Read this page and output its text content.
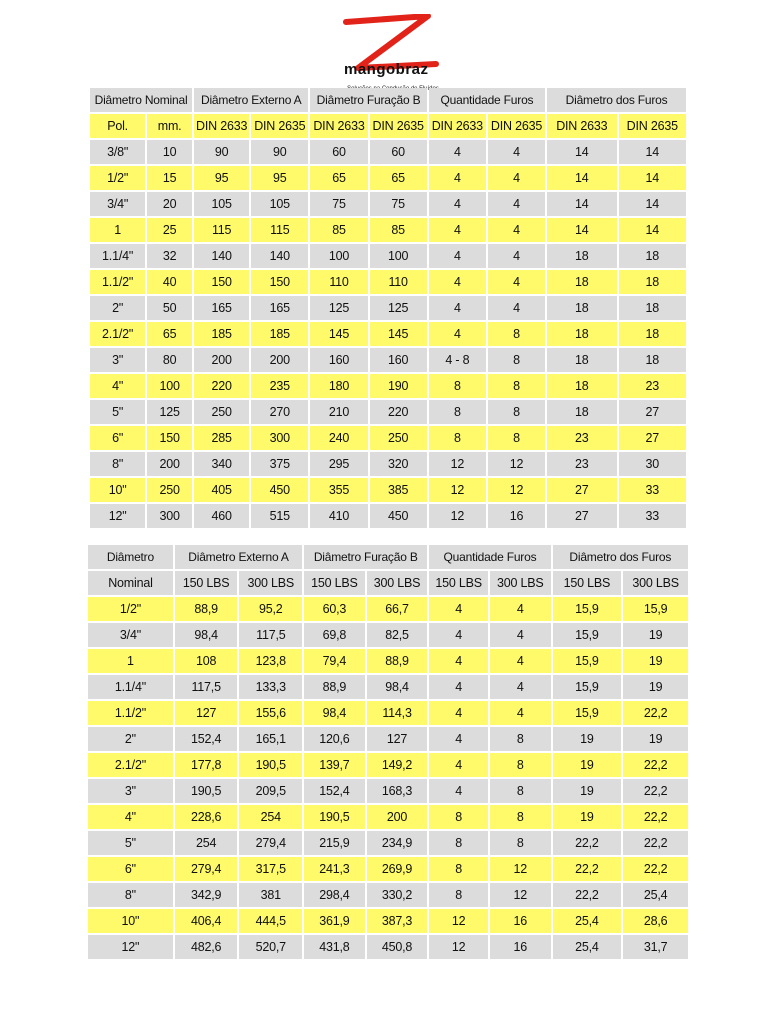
mangobraz
Diâmetro Nominal		Diâmetro Externo A		Diâmetro Furação B		Quantidade Furos		Diâmetro dos Furos	
Pol.	mm.	DIN 2633	DIN 2635	DIN 2633	DIN 2635	DIN 2633	DIN 2635	DIN 2633	DIN 2635
3/8"	10	90	90	60	60	4	4	14	14
1/2"	15	95	95	65	65	4	4	14	14
3/4"	20	105	105	75	75	4	4	14	14
1	25	115	115	85	85	4	4	14	14
1.1/4"	32	140	140	100	100	4	4	18	18
1.1/2"	40	150	150	110	110	4	4	18	18
2"	50	165	165	125	125	4	4	18	18
2.1/2"	65	185	185	145	145	4	8	18	18
3"	80	200	200	160	160	4 - 8	8	18	18
4"	100	220	235	180	190	8	8	18	23
5"	125	250	270	210	220	8	8	18	27
6"	150	285	300	240	250	8	8	23	27
8"	200	340	375	295	320	12	12	23	30
10"	250	405	450	355	385	12	12	27	33
12"	300	460	515	410	450	12	16	27	33
Diâmetro	Diâmetro Externo A		Diâmetro Furação B		Quantidade Furos		Diâmetro dos Furos	
Nominal	150 LBS	300 LBS	150 LBS	300 LBS	150 LBS	300 LBS	150 LBS	300 LBS
1/2"	88,9	95,2	60,3	66,7	4	4	15,9	15,9
3/4"	98,4	117,5	69,8	82,5	4	4	15,9	19
1	108	123,8	79,4	88,9	4	4	15,9	19
1.1/4"	117,5	133,3	88,9	98,4	4	4	15,9	19
1.1/2"	127	155,6	98,4	114,3	4	4	15,9	22,2
2"	152,4	165,1	120,6	127	4	8	19	19
2.1/2"	177,8	190,5	139,7	149,2	4	8	19	22,2
3"	190,5	209,5	152,4	168,3	4	8	19	22,2
4"	228,6	254	190,5	200	8	8	19	22,2
5"	254	279,4	215,9	234,9	8	8	22,2	22,2
6"	279,4	317,5	241,3	269,9	8	12	22,2	22,2
8"	342,9	381	298,4	330,2	8	12	22,2	25,4
10"	406,4	444,5	361,9	387,3	12	16	25,4	28,6
12"	482,6	520,7	431,8	450,8	12	16	25,4	31,7
